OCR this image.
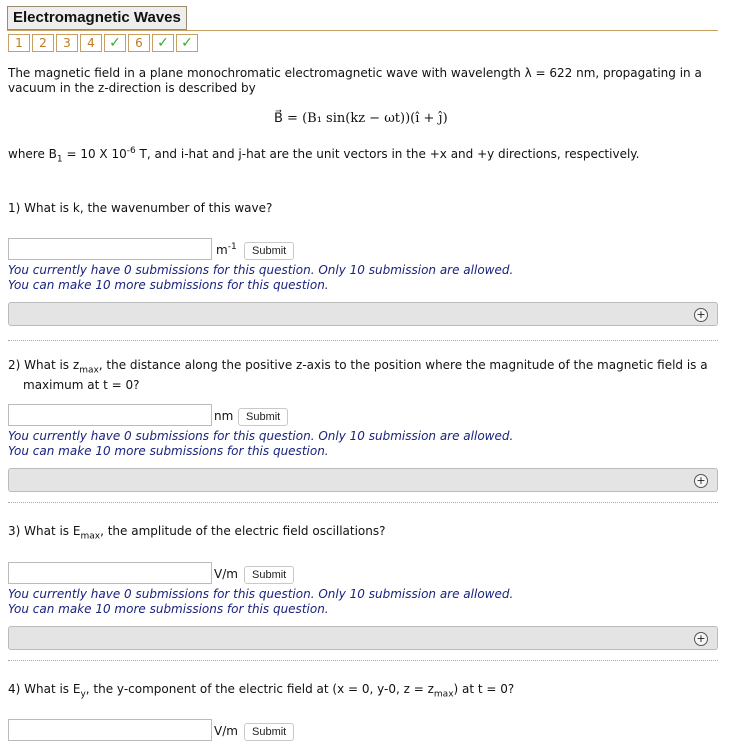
Electromagnetic Waves
1	2	3	4	✓	6	✓ ✓

The magnetic field in a plane monochromatic electromagnetic wave with wavelength λ = 622 nm, propagating in a vacuum in the z-direction is described by

B⃗ = (B₁ sin(kz − ωt))(î + ĵ)

where $B_1 = 10$ X $10^{-6}$ T, and i-hat and j-hat are the unit vectors in the +x and +y directions, respectively.

1) What is k, the wavenumber of this wave?
$m^{-1}$	Submit
You currently have 0 submissions for this question. Only 10 submission are allowed.
You can make 10 more submissions for this question.
+

2) What is $z_{max}$, the distance along the positive z-axis to the position where the magnitude of the magnetic field is a maximum at t = 0?

nm	Submit
You currently have 0 submissions for this question. Only 10 submission are allowed.
You can make 10 more submissions for this question.
+
3) What is $E_{max}$, the amplitude of the electric field oscillations?
V/m	Submit
You currently have 0 submissions for this question. Only 10 submission are allowed.
You can make 10 more submissions for this question.
+
4) What is $E_y$, the y-component of the electric field at (x = 0, y-0, $z = z_{max}$) at t = 0?
V/m	Submit
